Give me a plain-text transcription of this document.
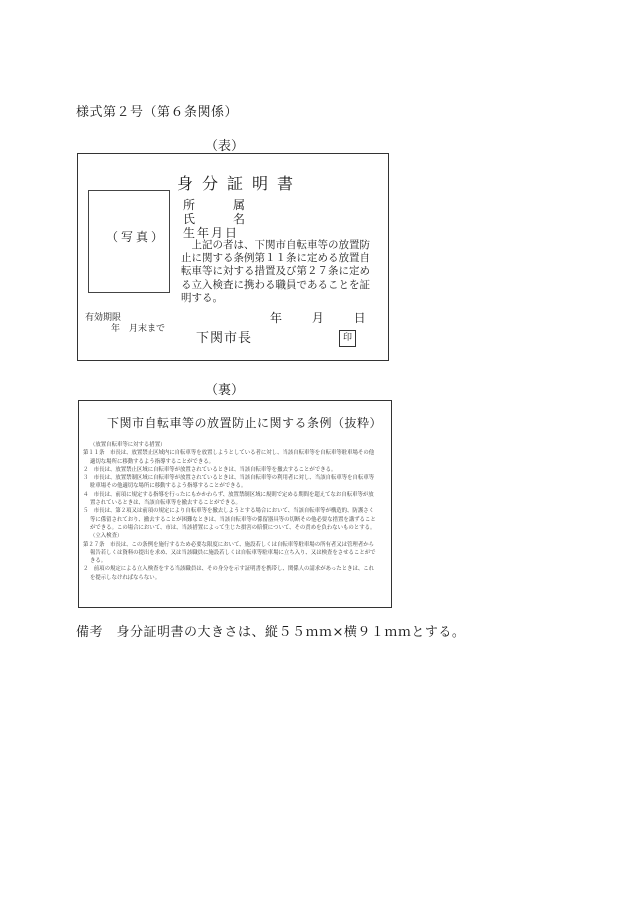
様式第２号（第６条関係）
（表）
身分証明書
（写真）
所	属
氏	名
生年月日
上記の者は、下関市自転車等の放置防
止に関する条例第１１条に定める放置自
転車等に対する措置及び第２７条に定め
る立入検査に携わる職員であることを証
明する。
有効期限
年　月末まで
年 月 日
下関市長	印
（裏）
下関市自転車等の放置防止に関する条例（抜粋）
（放置自転車等に対する措置）
第１１条　市長は、放置禁止区域内に自転車等を放置しようとしている者に対し、当該自転車等を自転車等駐車場その他
適切な場所に移動するよう指導することができる。
２　市長は、放置禁止区域に自転車等が放置されているときは、当該自転車等を撤去することができる。
３　市長は、放置禁制区域に自転車等が放置されているときは、当該自転車等の利用者に対し、当該自転車等を自転車等
駐車場その他適切な場所に移動するよう指導することができる。
４　市長は、前項に規定する指導を行ったにもかかわらず、放置禁制区域に規則で定める期間を超えてなお自転車等が放
置されているときは、当該自転車等を撤去することができる。
５　市長は、第２項又は前項の規定により自転車等を撤去しようとする場合において、当該自転車等が構造的、防護さく
等に係留されており、撤去することが困難なときは、当該自転車等の係留器具等の切断その他必要な措置を講ずること
ができる。この場合において、市は、当該措置によって生じた損害の賠償について、その責めを負わないものとする。
（立入検査）
第２７条　市長は、この条例を施行するため必要な限度において、施設若しくは自転車等駐車場の所有者又は管理者から
報告若しくは資料の提出を求め、又は当該職員に施設若しくは自転車等駐車場に立ち入り、又は検査をさせることがで
きる。
２　前項の規定による立入検査をする当該職員は、その身分を示す証明書を携帯し、関係人の請求があったときは、これ
を提示しなければならない。
備考　身分証明書の大きさは、縦５５ｍｍ×横９１ｍｍとする。
